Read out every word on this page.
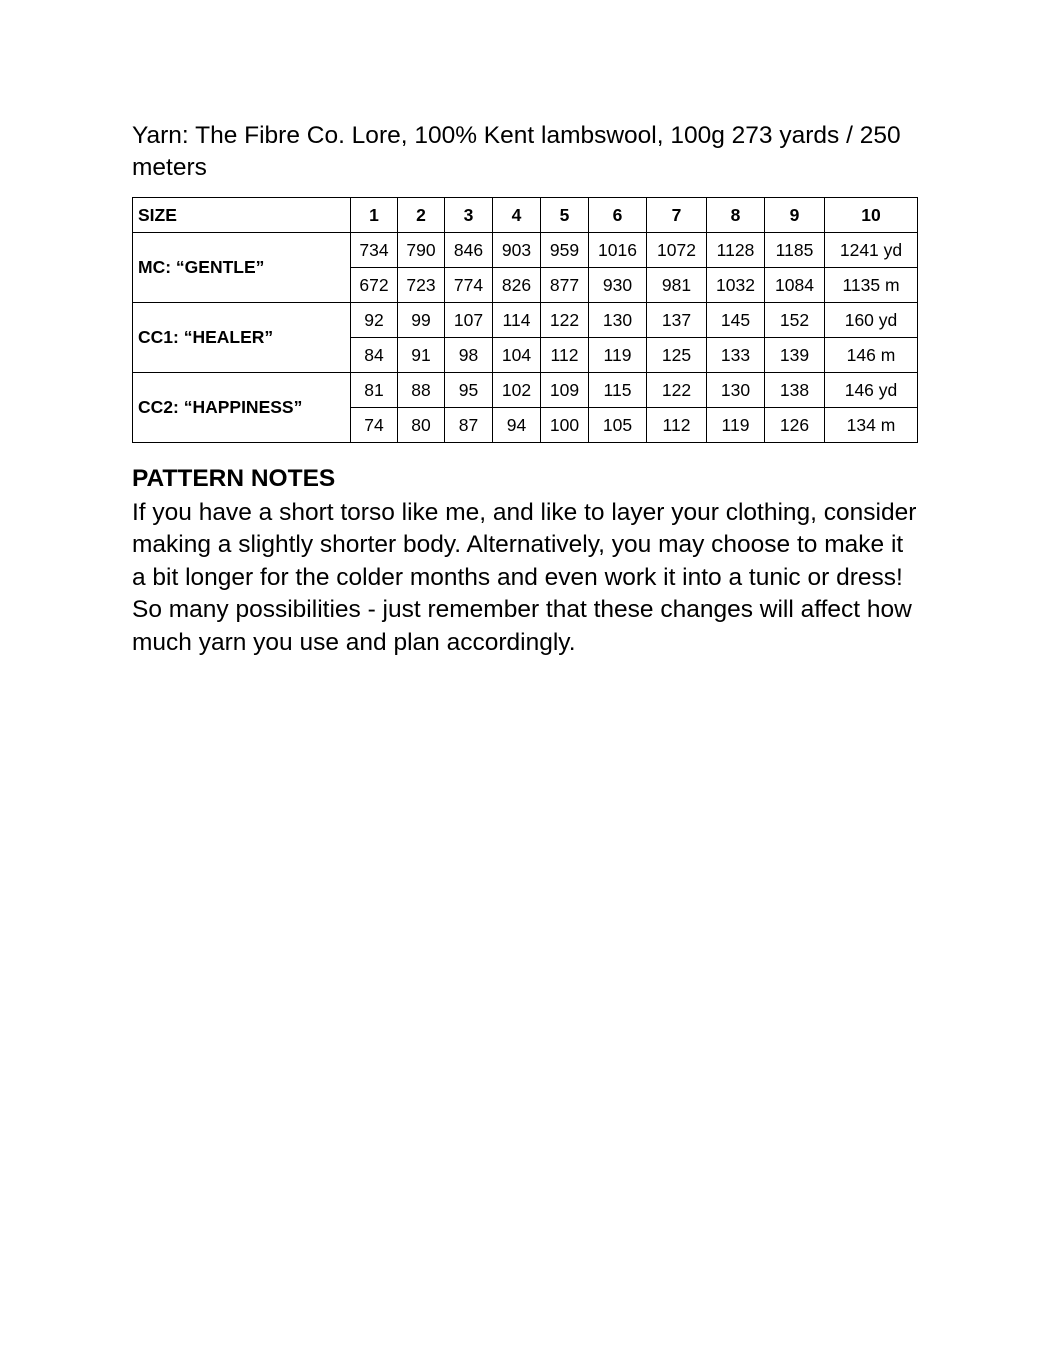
Yarn: The Fibre Co. Lore, 100% Kent lambswool, 100g 273 yards / 250 meters

SIZE	1	2	3	4	5	6	7	8	9	10
MC: “GENTLE”	734	790	846	903	959	1016	1072	1128	1185	1241 yd
	672	723	774	826	877	930	981	1032	1084	1135 m
CC1: “HEALER”	92	99	107	114	122	130	137	145	152	160 yd
	84	91	98	104	112	119	125	133	139	146 m
CC2: “HAPPINESS”	81	88	95	102	109	115	122	130	138	146 yd
	74	80	87	94	100	105	112	119	126	134 m
PATTERN NOTES

If you have a short torso like me, and like to layer your clothing, consider making a slightly shorter body. Alternatively, you may choose to make it a bit longer for the colder months and even work it into a tunic or dress! So many possibilities - just remember that these changes will affect how much yarn you use and plan accordingly.
